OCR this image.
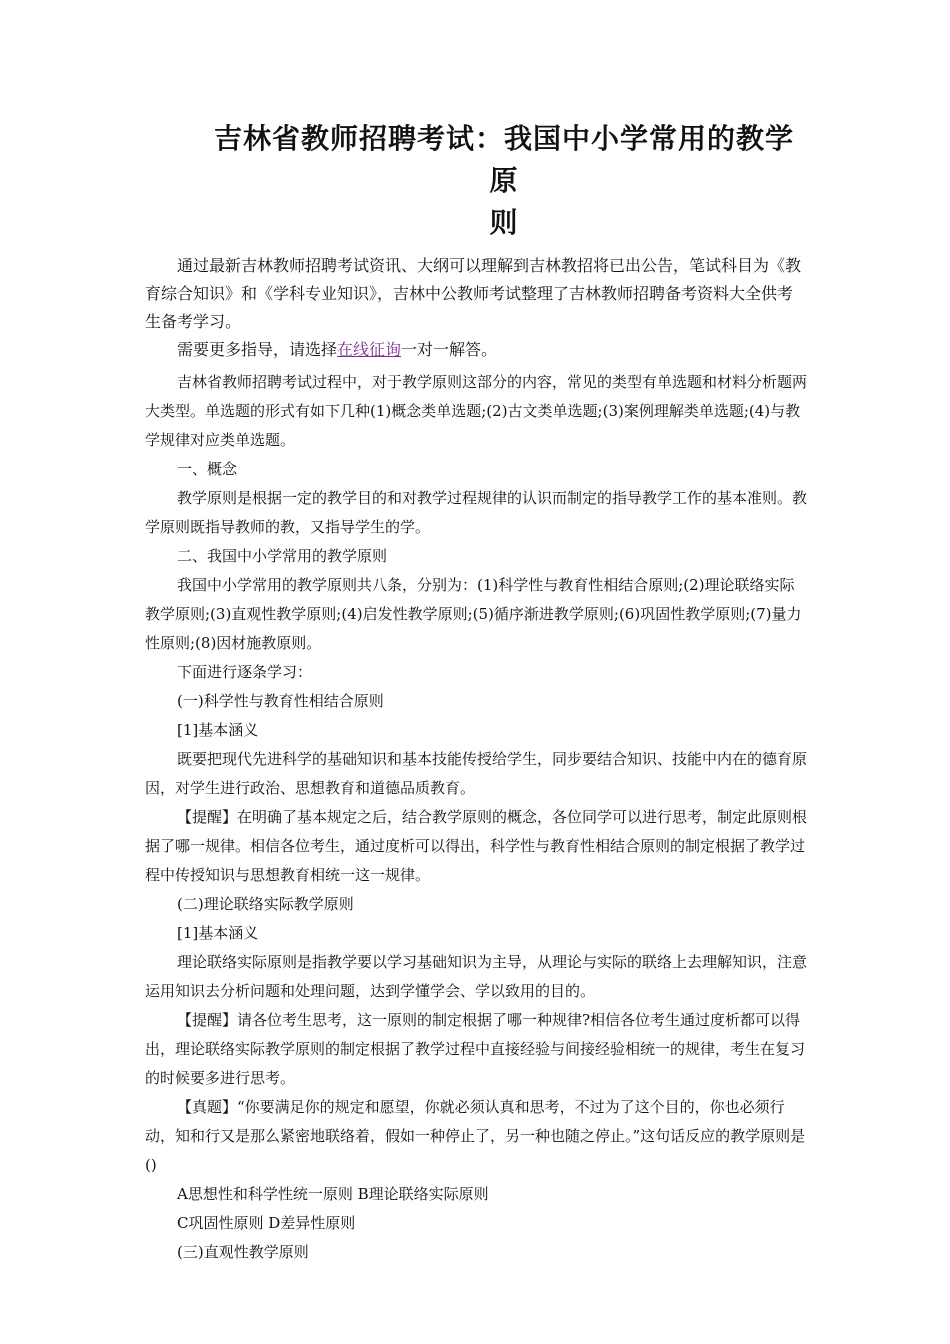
吉林省教师招聘考试：我国中小学常用的教学原
则

通过最新吉林教师招聘考试资讯、大纲可以理解到吉林教招将已出公告，笔试科目为《教育综合知识》和《学科专业知识》，吉林中公教师考试整理了吉林教师招聘备考资料大全供考生备考学习。

需要更多指导，请选择在线征询一对一解答。

吉林省教师招聘考试过程中，对于教学原则这部分的内容，常见的类型有单选题和材料分析题两大类型。单选题的形式有如下几种(1)概念类单选题;(2)古文类单选题;(3)案例理解类单选题;(4)与教学规律对应类单选题。

一、概念

教学原则是根据一定的教学目的和对教学过程规律的认识而制定的指导教学工作的基本准则。教学原则既指导教师的教，又指导学生的学。

二、我国中小学常用的教学原则

我国中小学常用的教学原则共八条，分别为：(1)科学性与教育性相结合原则;(2)理论联络实际教学原则;(3)直观性教学原则;(4)启发性教学原则;(5)循序渐进教学原则;(6)巩固性教学原则;(7)量力性原则;(8)因材施教原则。

下面进行逐条学习：

(一)科学性与教育性相结合原则

[1]基本涵义

既要把现代先进科学的基础知识和基本技能传授给学生，同步要结合知识、技能中内在的德育原因，对学生进行政治、思想教育和道德品质教育。

【提醒】在明确了基本规定之后，结合教学原则的概念，各位同学可以进行思考，制定此原则根据了哪一规律。相信各位考生，通过度析可以得出，科学性与教育性相结合原则的制定根据了教学过程中传授知识与思想教育相统一这一规律。

(二)理论联络实际教学原则

[1]基本涵义

理论联络实际原则是指教学要以学习基础知识为主导，从理论与实际的联络上去理解知识，注意运用知识去分析问题和处理问题，达到学懂学会、学以致用的目的。

【提醒】请各位考生思考，这一原则的制定根据了哪一种规律?相信各位考生通过度析都可以得出，理论联络实际教学原则的制定根据了教学过程中直接经验与间接经验相统一的规律，考生在复习的时候要多进行思考。

【真题】“你要满足你的规定和愿望，你就必须认真和思考，不过为了这个目的，你也必须行动，知和行又是那么紧密地联络着，假如一种停止了，另一种也随之停止。”这句话反应的教学原则是()

A思想性和科学性统一原则 B理论联络实际原则

C巩固性原则 D差异性原则

(三)直观性教学原则
